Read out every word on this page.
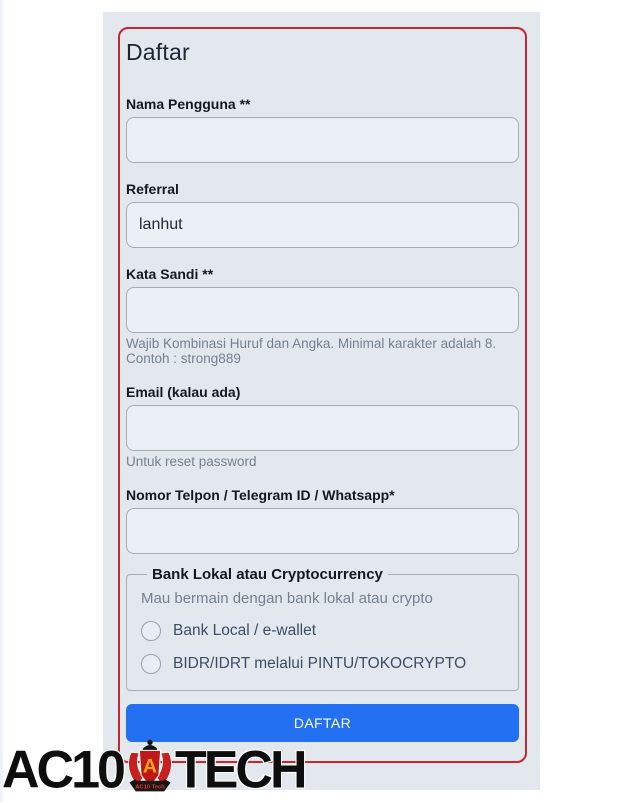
Daftar
Nama Pengguna **
Referral
lanhut
Kata Sandi **
Wajib Kombinasi Huruf dan Angka. Minimal karakter adalah 8.
Contoh : strong889
Email (kalau ada)
Untuk reset password
Nomor Telpon / Telegram ID / Whatsapp*
Bank Lokal atau Cryptocurrency
Mau bermain dengan bank lokal atau crypto
Bank Local / e-wallet
BIDR/IDRT melalui PINTU/TOKOCRYPTO
DAFTAR
AC10 A
AC10 Tech TECH
